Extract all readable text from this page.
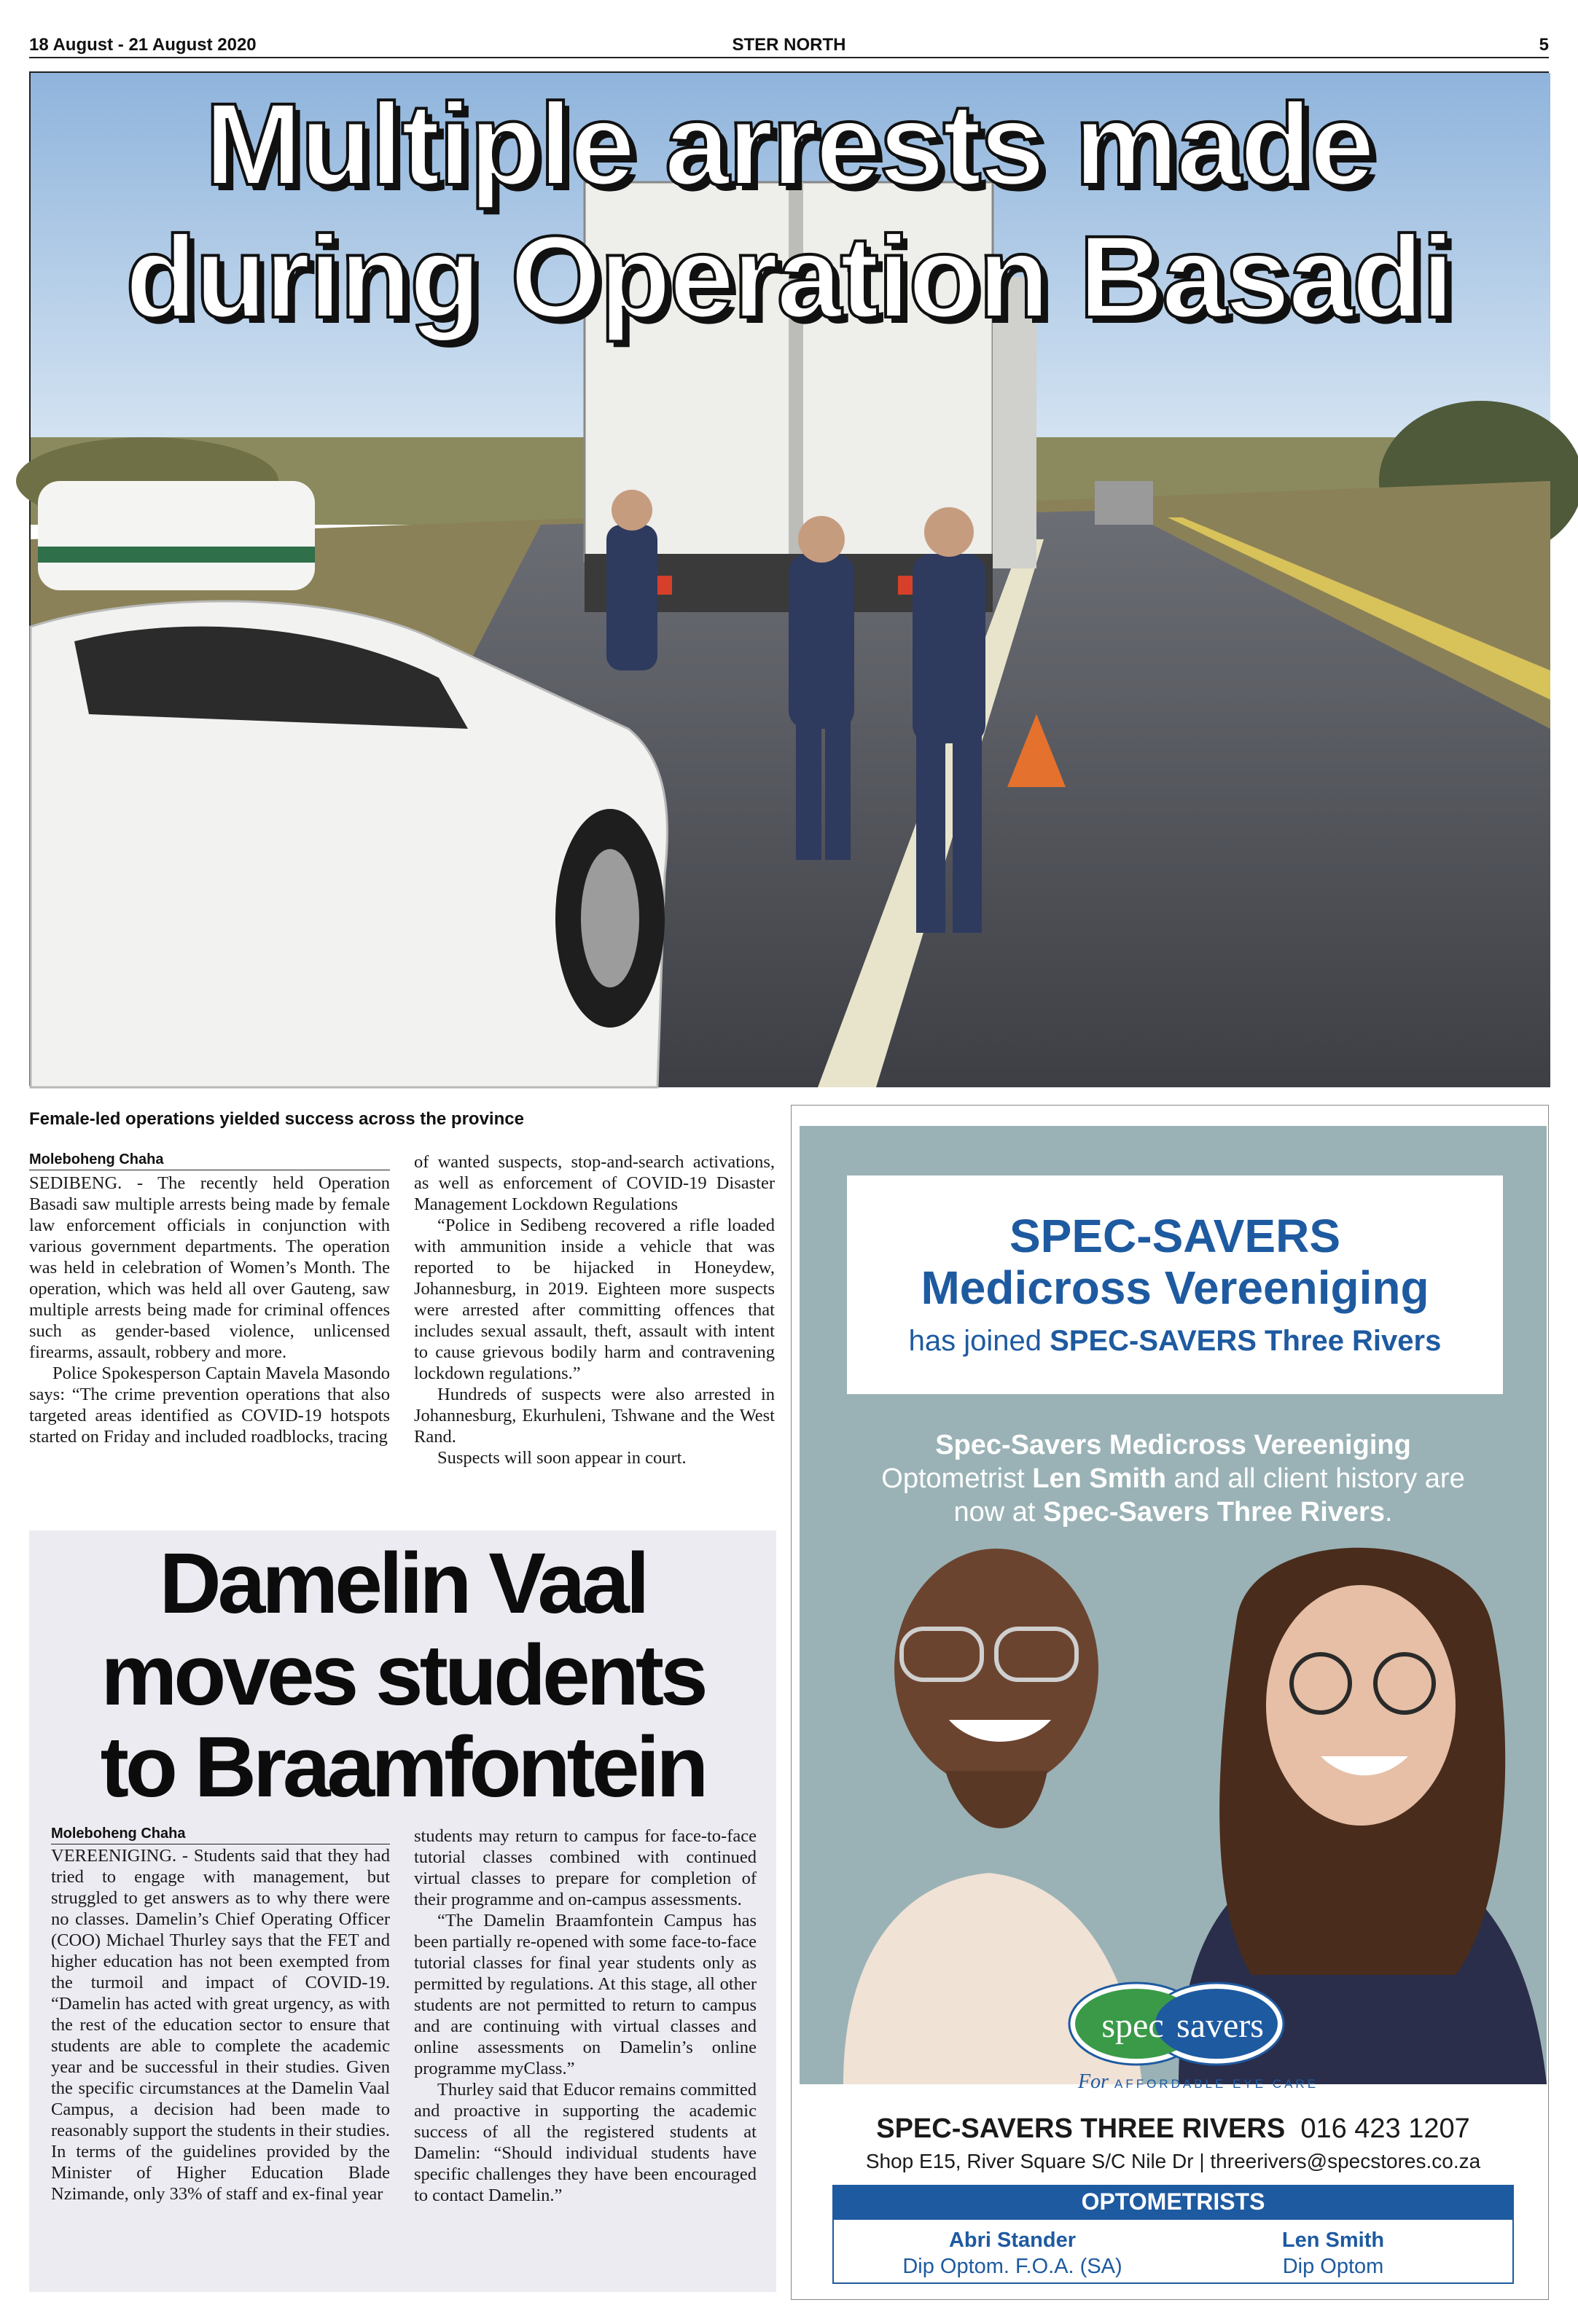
18 August - 21 August 2020	STER NORTH	5
Multiple arrests made
during Operation Basadi
Female-led operations yielded success across the province
Moleboheng Chaha

SEDIBENG. - The recently held Operation Basadi saw multiple arrests being made by female law enforcement officials in conjunction with various government departments. The operation was held in celebration of Women’s Month. The operation, which was held all over Gauteng, saw multiple arrests being made for criminal offences such as gender-based violence, unlicensed firearms, assault, robbery and more.

Police Spokesperson Captain Mavela Masondo says: “The crime prevention operations that also targeted areas identified as COVID-19 hotspots started on Friday and included roadblocks, tracing

of wanted suspects, stop-and-search activations, as well as enforcement of COVID-19 Disaster Management Lockdown Regulations

“Police in Sedibeng recovered a rifle loaded with ammunition inside a vehicle that was reported to be hijacked in Honeydew, Johannesburg, in 2019. Eighteen more suspects were arrested after committing offences that includes sexual assault, theft, assault with intent to cause grievous bodily harm and contravening lockdown regulations.”

Hundreds of suspects were also arrested in Johannesburg, Ekurhuleni, Tshwane and the West Rand.

Suspects will soon appear in court.

Damelin Vaal
moves students
to Braamfontein
Moleboheng Chaha

VEREENIGING. - Students said that they had tried to engage with management, but struggled to get answers as to why there were no classes. Damelin’s Chief Operating Officer (COO) Michael Thurley says that the FET and higher education has not been exempted from the turmoil and impact of COVID-19. “Damelin has acted with great urgency, as with the rest of the education sector to ensure that students are able to complete the academic year and be successful in their studies. Given the specific circumstances at the Damelin Vaal Campus, a decision had been made to reasonably support the students in their studies. In terms of the guidelines provided by the Minister of Higher Education Blade Nzimande, only 33% of staff and ex-final year

students may return to campus for face-to-face tutorial classes combined with continued virtual classes to prepare for completion of their programme and on-campus assessments.

“The Damelin Braamfontein Campus has been partially re-opened with some face-to-face tutorial classes for final year students only as permitted by regulations. At this stage, all other students are not permitted to return to campus and are continuing with virtual classes and online assessments on Damelin’s online programme myClass.”

Thurley said that Educor remains committed and proactive in supporting the academic success of all the registered students at Damelin: “Should individual students have specific challenges they have been encouraged to contact Damelin.”

SPEC-SAVERS
Medicross Vereeniging
has joined SPEC-SAVERS Three Rivers
Spec-Savers Medicross Vereeniging
Optometrist Len Smith and all client history are
now at Spec-Savers Three Rivers.
SPEC-SAVERS THREE RIVERS 016 423 1207
Shop E15, River Square S/C Nile Dr | threerivers@specstores.co.za
OPTOMETRISTS
Abri Stander
Dip Optom. F.O.A. (SA)
Len Smith
Dip Optom
spec savers
For AFFORDABLE EYE CARE
